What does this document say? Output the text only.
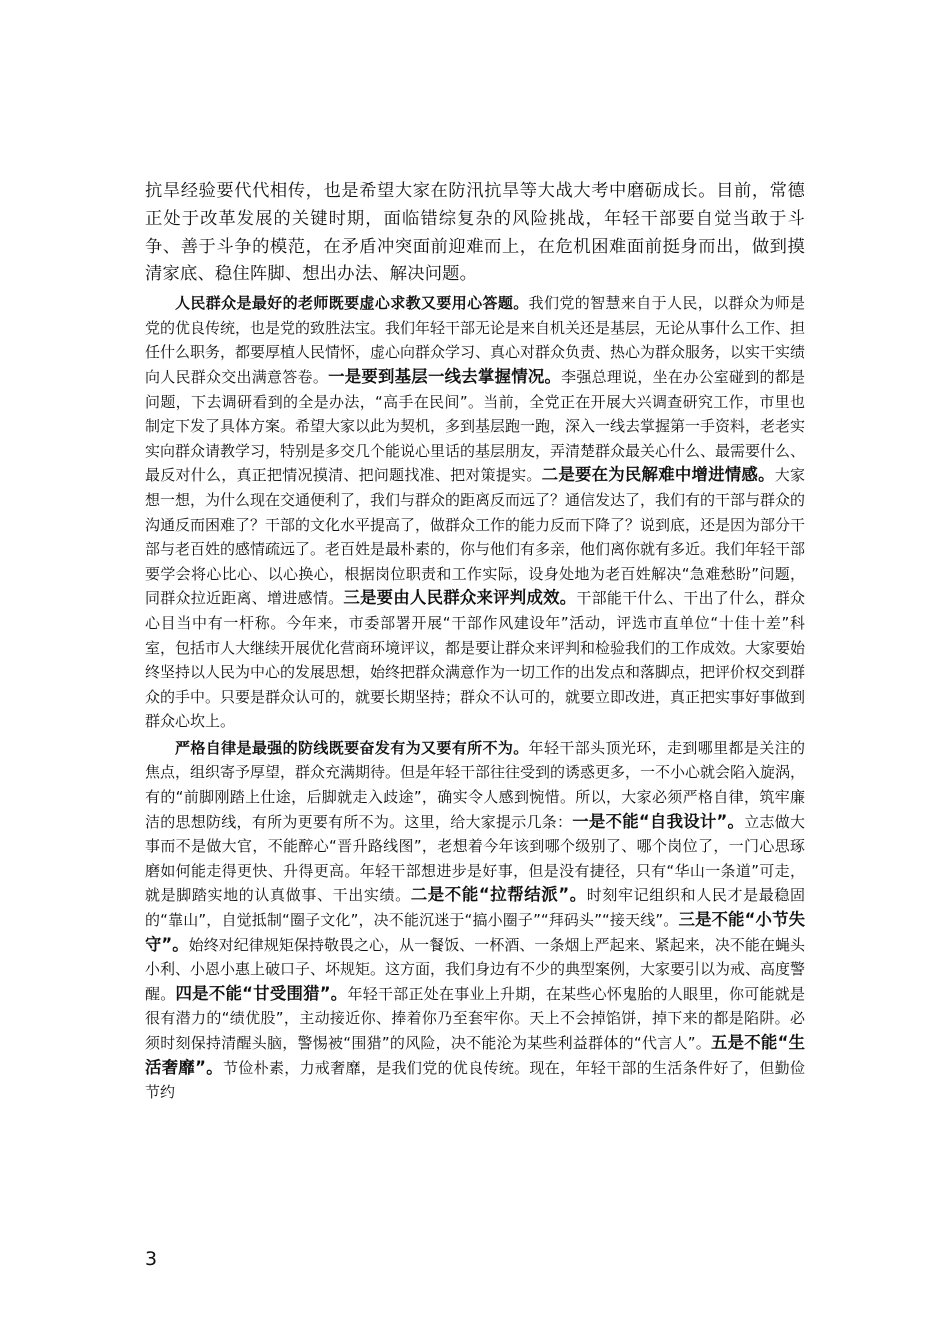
抗旱经验要代代相传，也是希望大家在防汛抗旱等大战大考中磨砺成长。目前，常德正处于改革发展的关键时期，面临错综复杂的风险挑战，年轻干部要自觉当敢于斗争、善于斗争的模范，在矛盾冲突面前迎难而上，在危机困难面前挺身而出，做到摸清家底、稳住阵脚、想出办法、解决问题。

人民群众是最好的老师既要虚心求教又要用心答题。我们党的智慧来自于人民，以群众为师是党的优良传统，也是党的致胜法宝。我们年轻干部无论是来自机关还是基层，无论从事什么工作、担任什么职务，都要厚植人民情怀，虚心向群众学习、真心对群众负责、热心为群众服务，以实干实绩向人民群众交出满意答卷。一是要到基层一线去掌握情况。李强总理说，坐在办公室碰到的都是问题，下去调研看到的全是办法，“高手在民间”。当前，全党正在开展大兴调查研究工作，市里也制定下发了具体方案。希望大家以此为契机，多到基层跑一跑，深入一线去掌握第一手资料，老老实实向群众请教学习，特别是多交几个能说心里话的基层朋友，弄清楚群众最关心什么、最需要什么、最反对什么，真正把情况摸清、把问题找准、把对策提实。二是要在为民解难中增进情感。大家想一想，为什么现在交通便利了，我们与群众的距离反而远了？通信发达了，我们有的干部与群众的沟通反而困难了？干部的文化水平提高了，做群众工作的能力反而下降了？说到底，还是因为部分干部与老百姓的感情疏远了。老百姓是最朴素的，你与他们有多亲，他们离你就有多近。我们年轻干部要学会将心比心、以心换心，根据岗位职责和工作实际，设身处地为老百姓解决“急难愁盼”问题，同群众拉近距离、增进感情。三是要由人民群众来评判成效。干部能干什么、干出了什么，群众心目当中有一杆称。今年来，市委部署开展“干部作风建设年”活动，评选市直单位“十佳十差”科室，包括市人大继续开展优化营商环境评议，都是要让群众来评判和检验我们的工作成效。大家要始终坚持以人民为中心的发展思想，始终把群众满意作为一切工作的出发点和落脚点，把评价权交到群众的手中。只要是群众认可的，就要长期坚持；群众不认可的，就要立即改进，真正把实事好事做到群众心坎上。

严格自律是最强的防线既要奋发有为又要有所不为。年轻干部头顶光环，走到哪里都是关注的焦点，组织寄予厚望，群众充满期待。但是年轻干部往往受到的诱惑更多，一不小心就会陷入旋涡，有的“前脚刚踏上仕途，后脚就走入歧途”，确实令人感到惋惜。所以，大家必须严格自律，筑牢廉洁的思想防线，有所为更要有所不为。这里，给大家提示几条：一是不能“自我设计”。立志做大事而不是做大官，不能醉心“晋升路线图”，老想着今年该到哪个级别了、哪个岗位了，一门心思琢磨如何能走得更快、升得更高。年轻干部想进步是好事，但是没有捷径，只有“华山一条道”可走，就是脚踏实地的认真做事、干出实绩。二是不能“拉帮结派”。时刻牢记组织和人民才是最稳固的“靠山”，自觉抵制“圈子文化”，决不能沉迷于“搞小圈子”“拜码头”“接天线”。三是不能“小节失守”。始终对纪律规矩保持敬畏之心，从一餐饭、一杯酒、一条烟上严起来、紧起来，决不能在蝇头小利、小恩小惠上破口子、坏规矩。这方面，我们身边有不少的典型案例，大家要引以为戒、高度警醒。四是不能“甘受围猎”。年轻干部正处在事业上升期，在某些心怀鬼胎的人眼里，你可能就是很有潜力的“绩优股”，主动接近你、捧着你乃至套牢你。天上不会掉馅饼，掉下来的都是陷阱。必须时刻保持清醒头脑，警惕被“围猎”的风险，决不能沦为某些利益群体的“代言人”。五是不能“生活奢靡”。节俭朴素，力戒奢靡，是我们党的优良传统。现在，年轻干部的生活条件好了，但勤俭节约

3
